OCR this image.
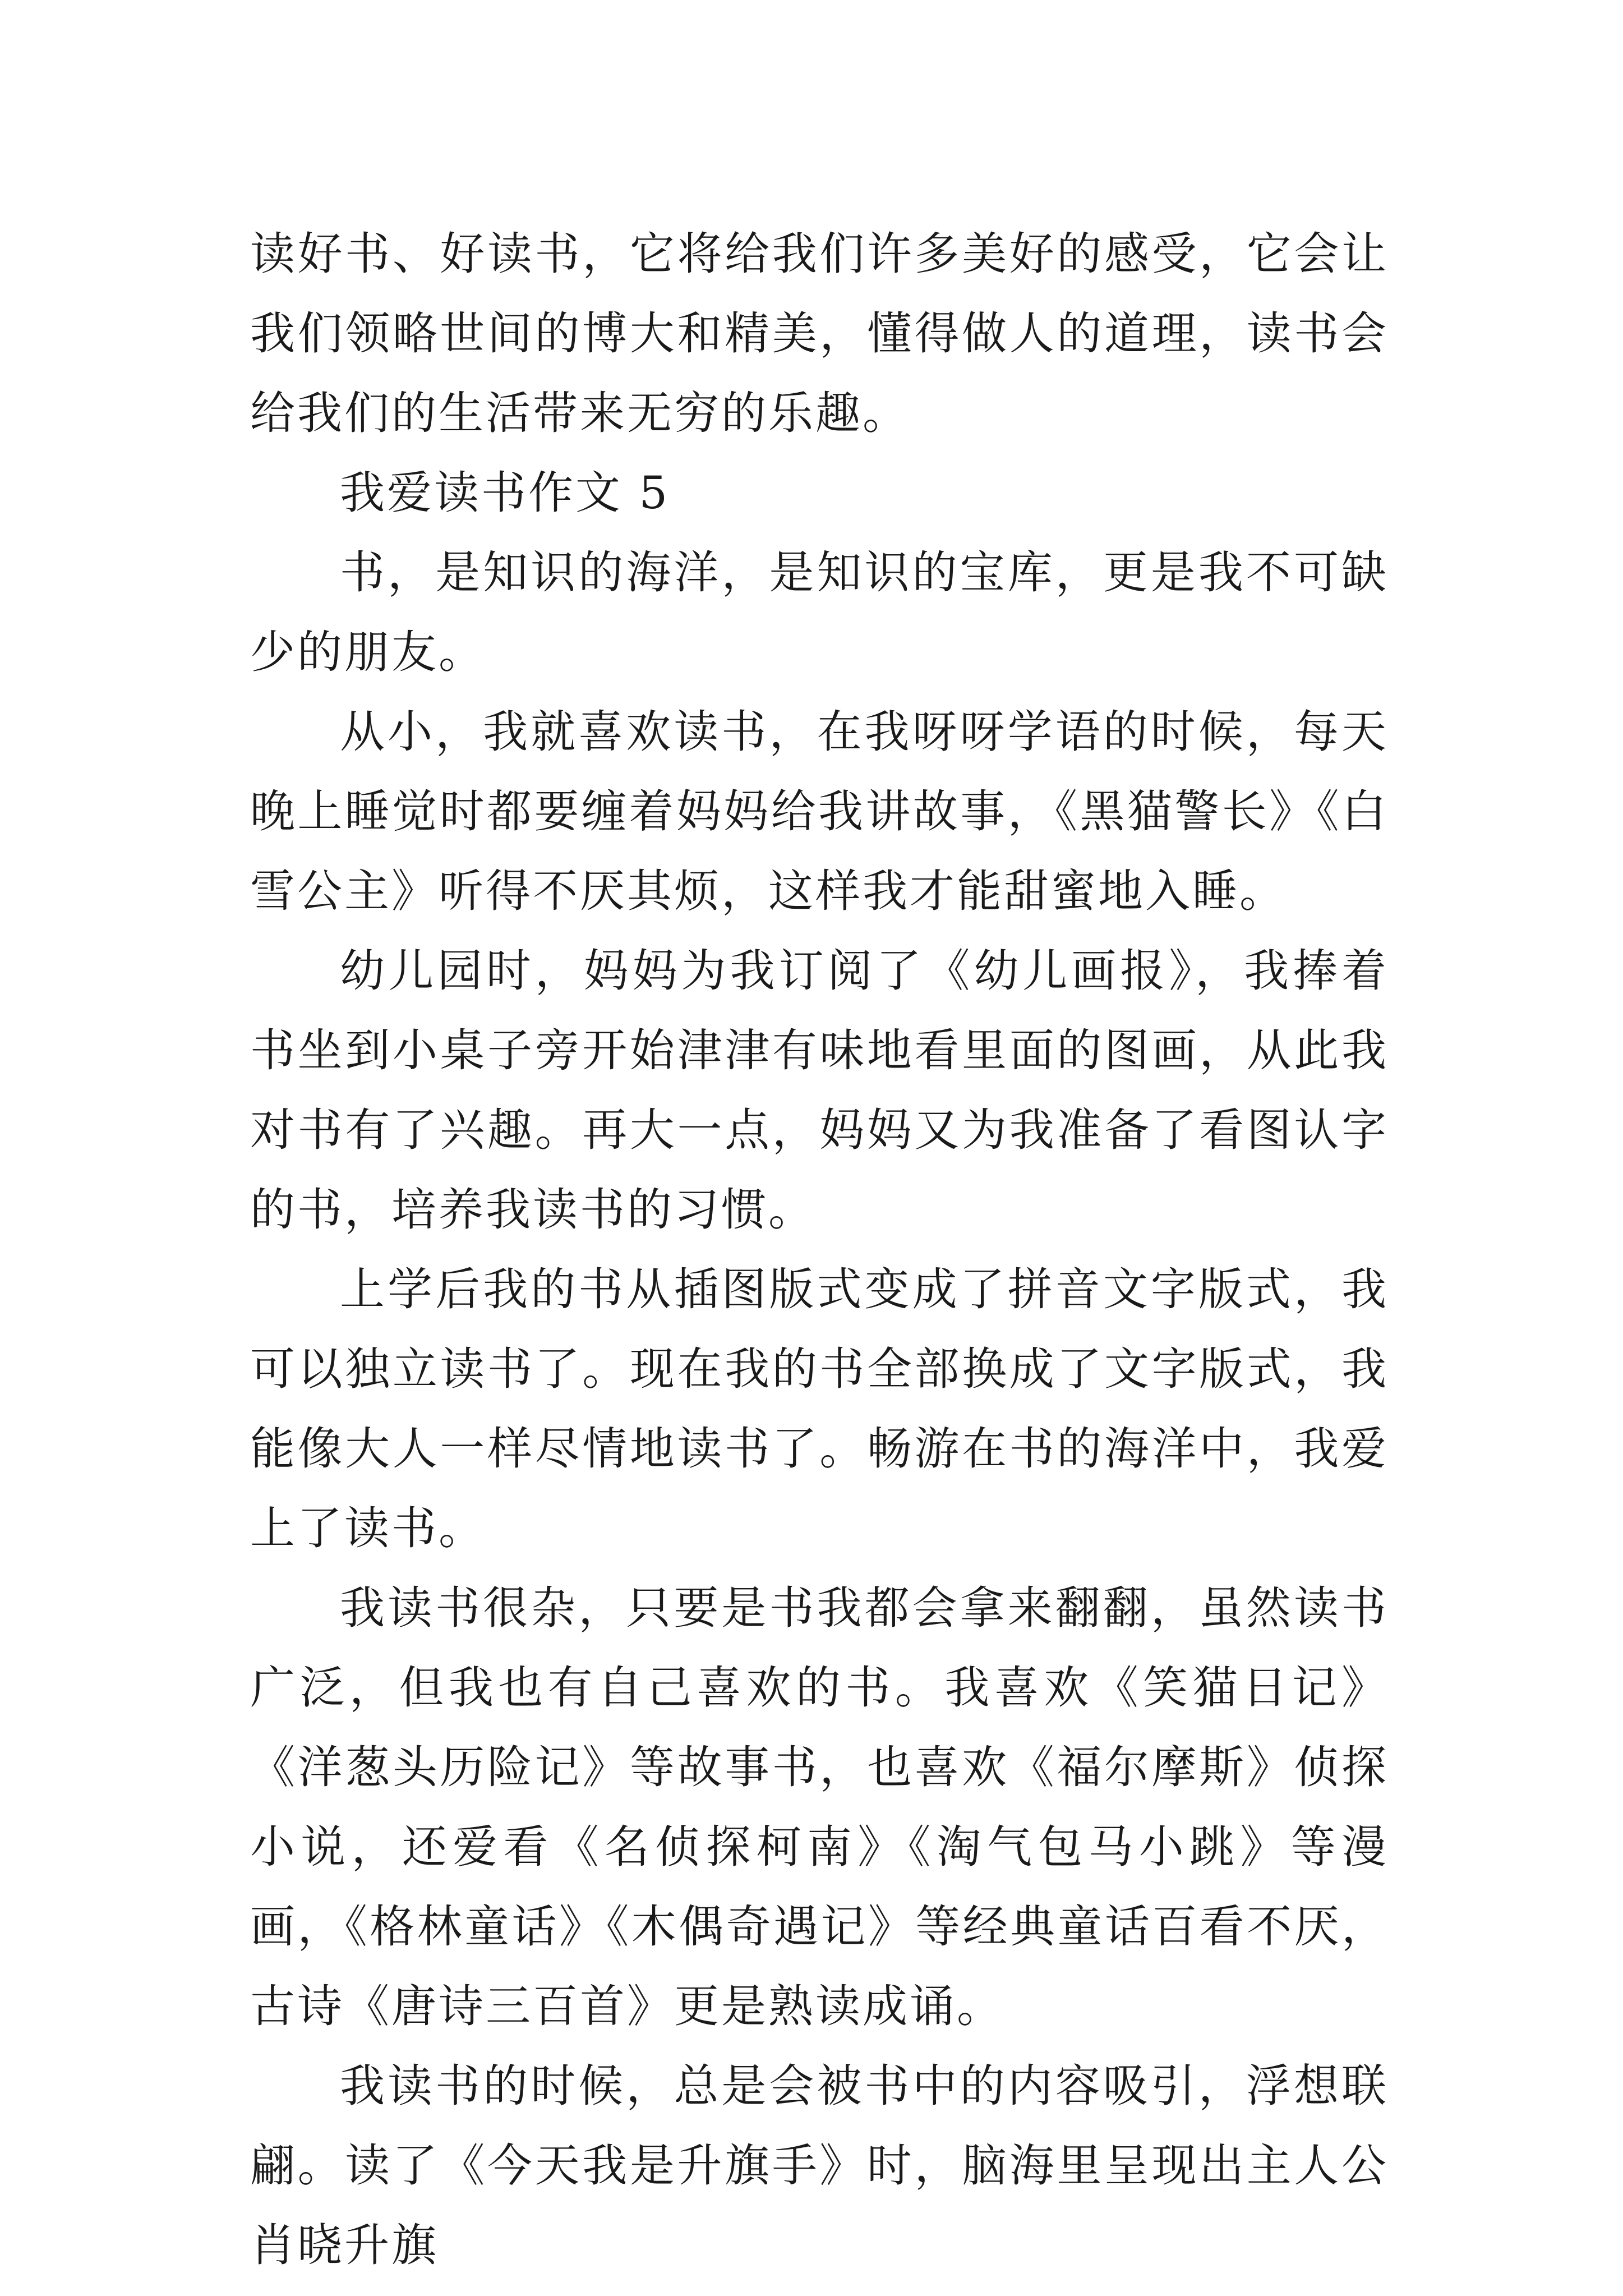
读好书、好读书，它将给我们许多美好的感受，它会让我们领略世间的博大和精美，懂得做人的道理，读书会给我们的生活带来无穷的乐趣。

我爱读书作文 5

书，是知识的海洋，是知识的宝库，更是我不可缺少的朋友。

从小，我就喜欢读书，在我呀呀学语的时候，每天晚上睡觉时都要缠着妈妈给我讲故事，《黑猫警长》《白雪公主》听得不厌其烦，这样我才能甜蜜地入睡。

幼儿园时，妈妈为我订阅了《幼儿画报》，我捧着书坐到小桌子旁开始津津有味地看里面的图画，从此我对书有了兴趣。再大一点，妈妈又为我准备了看图认字的书，培养我读书的习惯。

上学后我的书从插图版式变成了拼音文字版式，我可以独立读书了。现在我的书全部换成了文字版式，我能像大人一样尽情地读书了。畅游在书的海洋中，我爱上了读书。

我读书很杂，只要是书我都会拿来翻翻，虽然读书广泛，但我也有自己喜欢的书。我喜欢《笑猫日记》《洋葱头历险记》等故事书，也喜欢《福尔摩斯》侦探小说，还爱看《名侦探柯南》《淘气包马小跳》等漫画，《格林童话》《木偶奇遇记》等经典童话百看不厌，古诗《唐诗三百首》更是熟读成诵。

我读书的时候，总是会被书中的内容吸引，浮想联翩。读了《今天我是升旗手》时，脑海里呈现出主人公肖晓升旗
